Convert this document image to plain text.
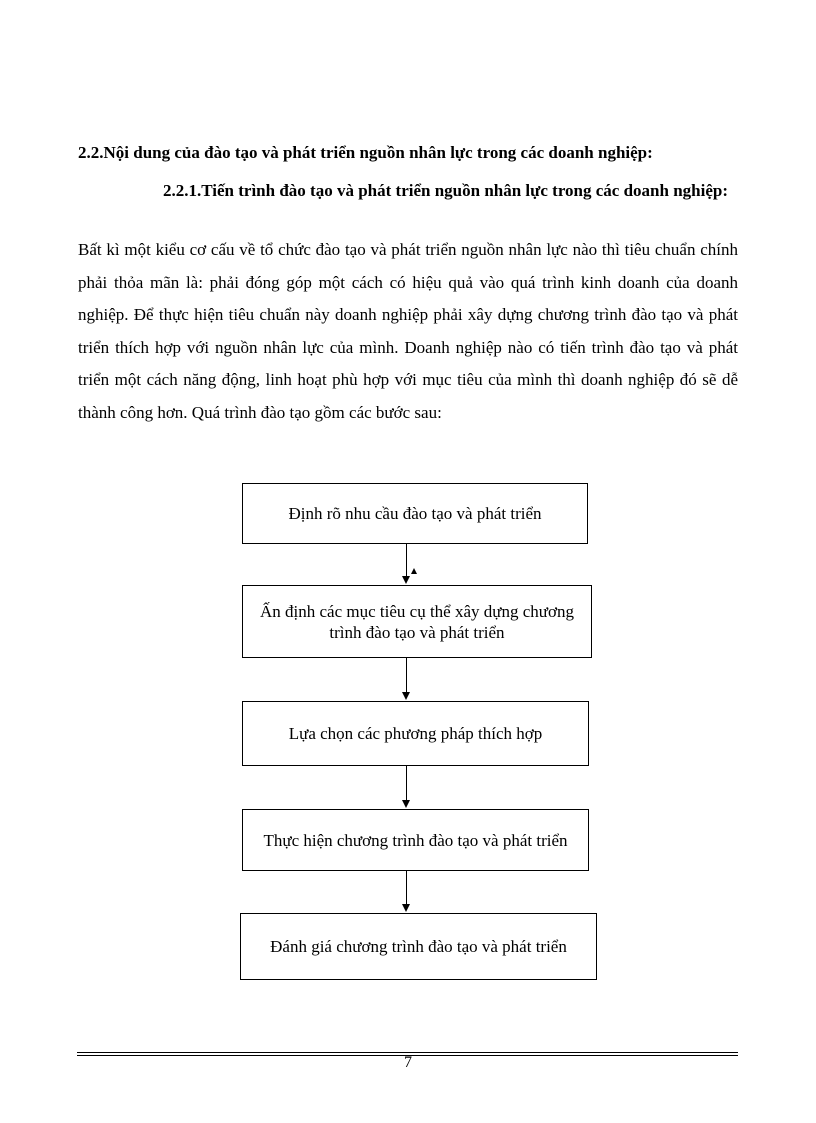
2.2.Nội dung của đào tạo và phát triển nguồn nhân lực trong các doanh nghiệp:
2.2.1.Tiến trình đào tạo và phát triển nguồn nhân lực trong các doanh nghiệp:
Bất kì một kiểu cơ cấu về tổ chức đào tạo và phát triển nguồn nhân lực nào thì tiêu chuẩn chính phải thỏa mãn là: phải đóng góp một cách có hiệu quả vào quá trình kinh doanh của doanh nghiệp. Để thực hiện tiêu chuẩn này doanh nghiệp phải xây dựng chương trình đào tạo và phát triển thích hợp với nguồn nhân lực của mình. Doanh nghiệp nào có tiến trình đào tạo và phát triển một cách năng động, linh hoạt phù hợp với mục tiêu của mình thì doanh nghiệp đó sẽ dễ thành công hơn. Quá trình đào tạo gồm các bước sau:
Định rõ nhu cầu đào tạo và phát triển
Ấn định các mục tiêu cụ thể xây dựng chương trình đào tạo và phát triển
Lựa chọn các phương pháp thích hợp
Thực hiện chương trình đào tạo và phát triển
Đánh giá chương trình đào tạo và phát triển
7
